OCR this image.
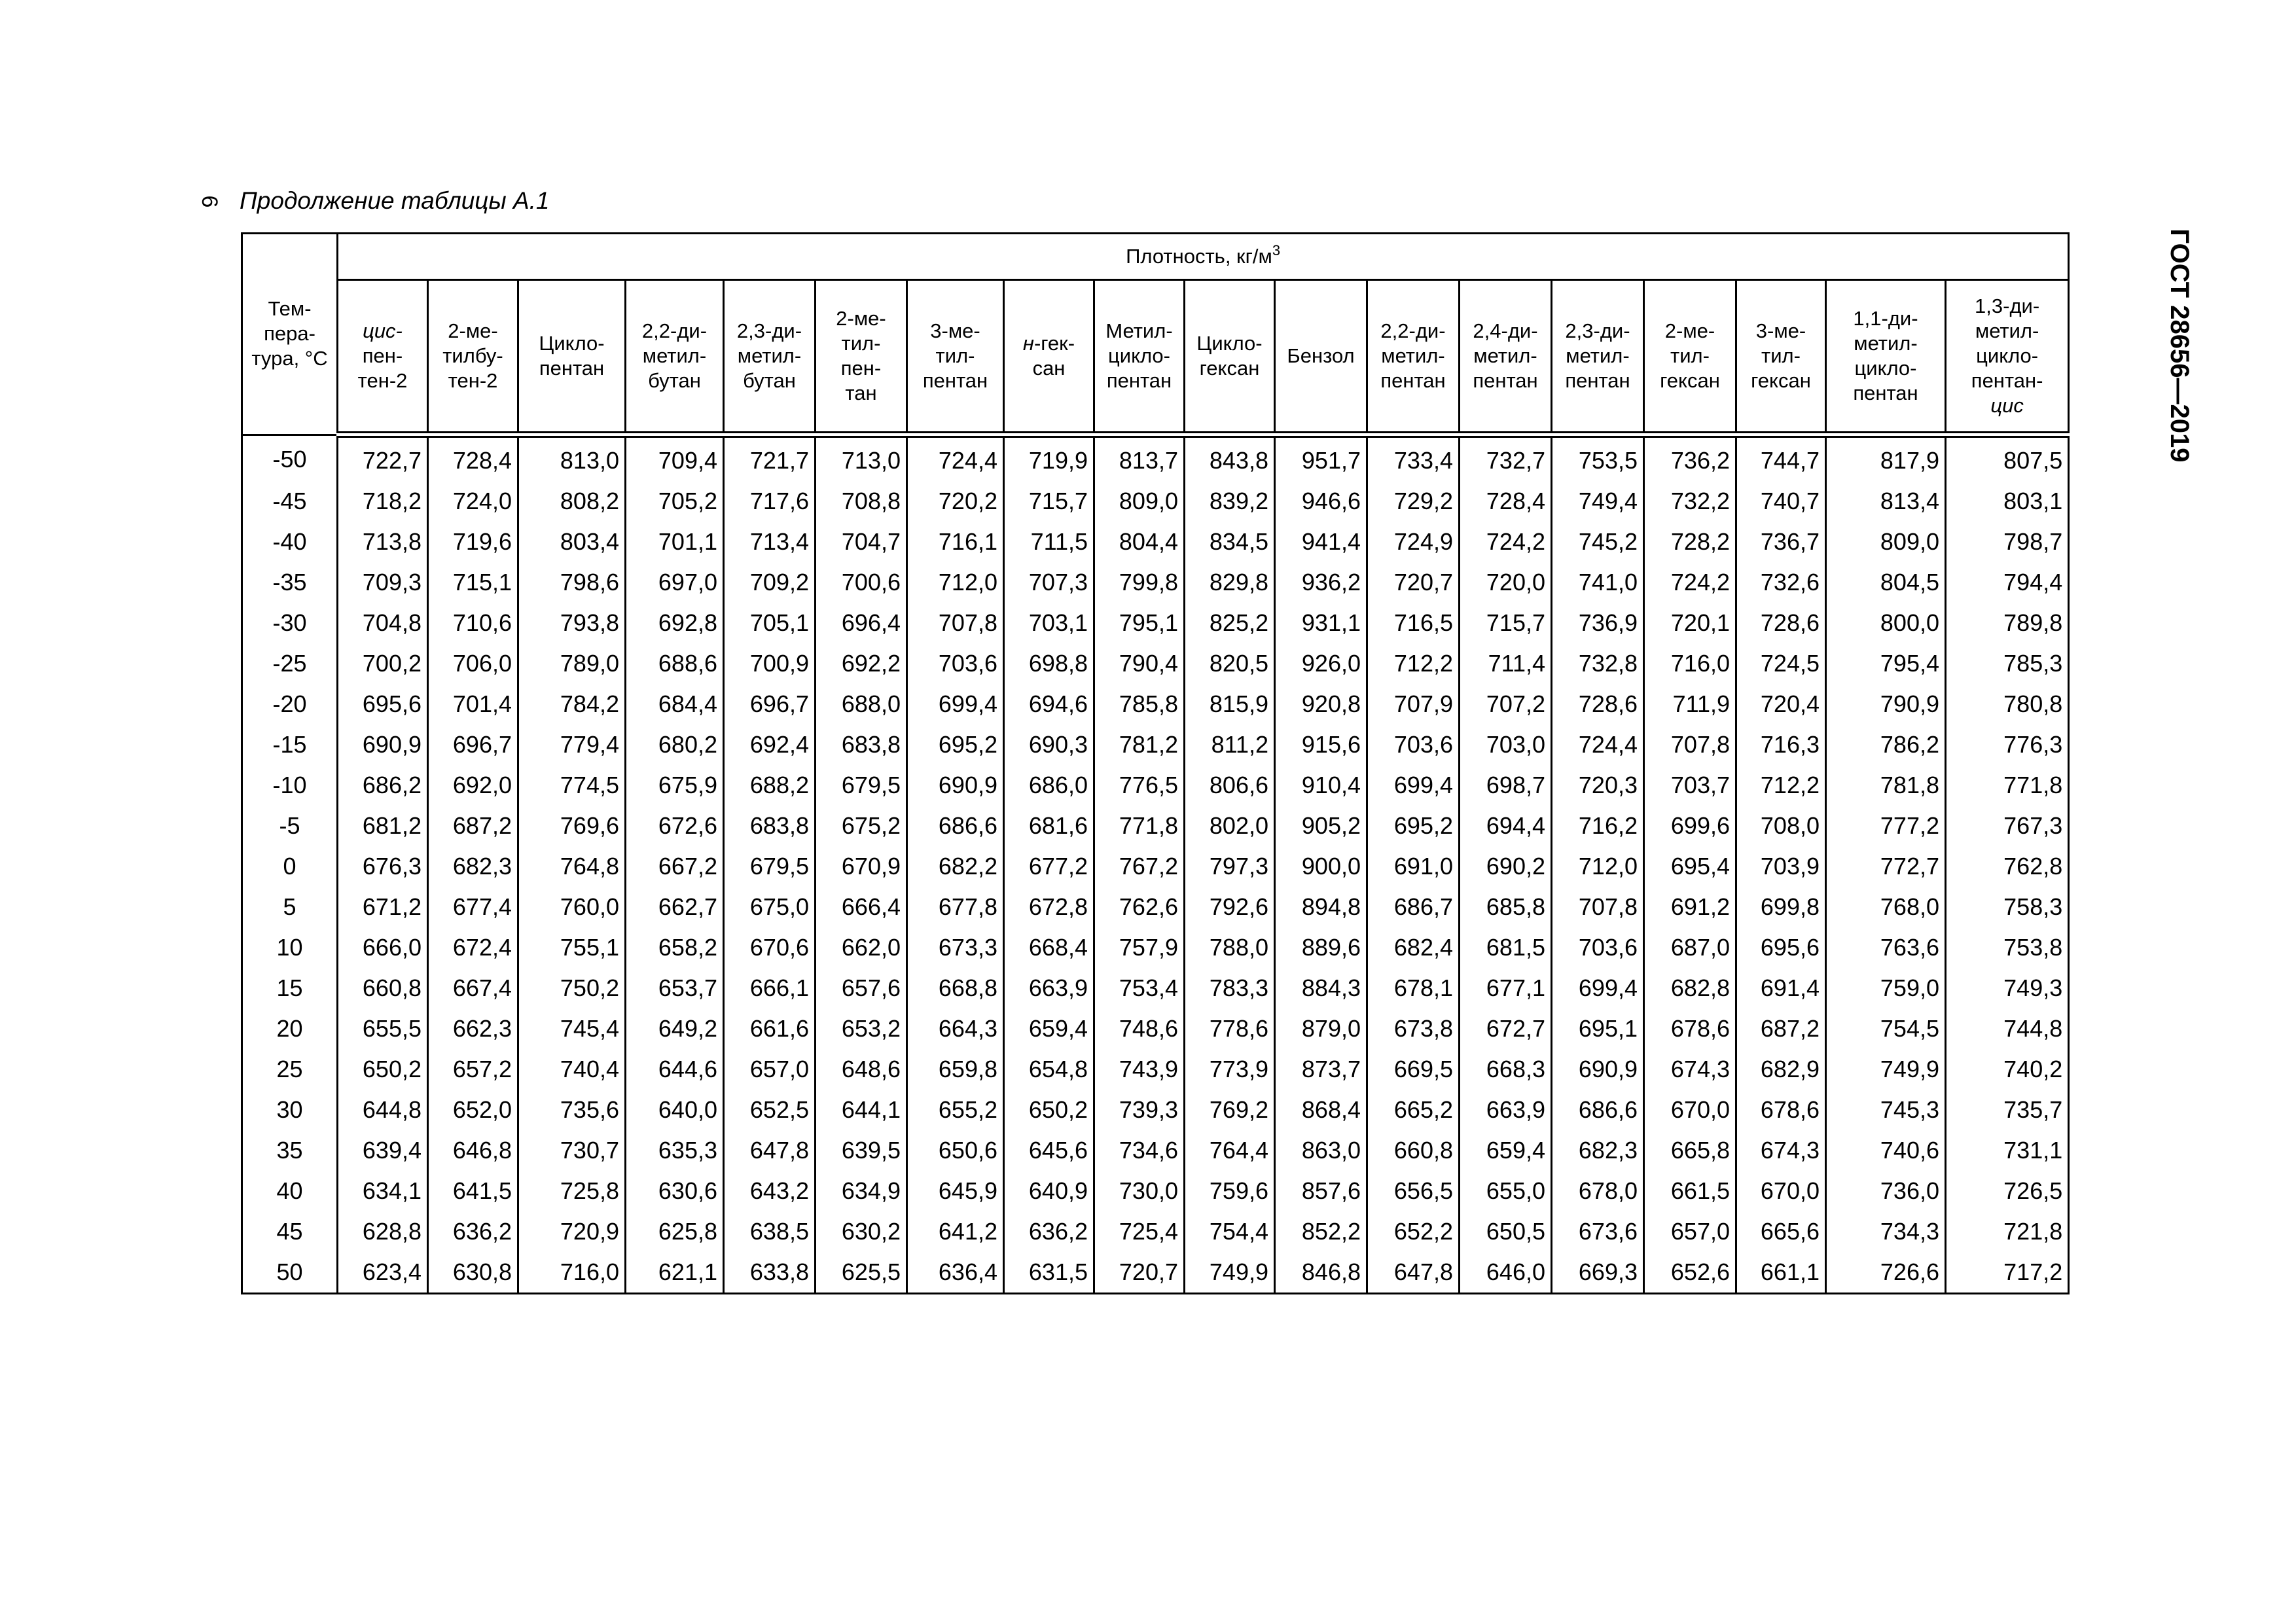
6 Продолжение таблицы А.1
ГОСТ 28656—2019
Тем-
пера-
тура, °C	Плотность, $кг/м^3$

	цис-
пен-
тен-2	2-ме-
тилбу-
тен-2	Цикло-
пентан	2,2-ди-
метил-
бутан	2,3-ди-
метил-
бутан	2-ме-
тил-
пен-
тан	3-ме-
тил-
пентан	н-гек-
сан	Метил-
цикло-
пентан	Цикло-
гексан	Бензол	2,2-ди-
метил-
пентан	2,4-ди-
метил-
пентан	2,3-ди-
метил-
пентан	2-ме-
тил-
гексан	3-ме-
тил-
гексан	1,1-ди-
метил-
цикло-
пентан	1,3-ди-
метил-
цикло-
пентан-
цис

-50	722,7	728,4	813,0	709,4	721,7	713,0	724,4	719,9	813,7	843,8	951,7	733,4	732,7	753,5	736,2	744,7	817,9	807,5
-45	718,2	724,0	808,2	705,2	717,6	708,8	720,2	715,7	809,0	839,2	946,6	729,2	728,4	749,4	732,2	740,7	813,4	803,1
-40	713,8	719,6	803,4	701,1	713,4	704,7	716,1	711,5	804,4	834,5	941,4	724,9	724,2	745,2	728,2	736,7	809,0	798,7
-35	709,3	715,1	798,6	697,0	709,2	700,6	712,0	707,3	799,8	829,8	936,2	720,7	720,0	741,0	724,2	732,6	804,5	794,4
-30	704,8	710,6	793,8	692,8	705,1	696,4	707,8	703,1	795,1	825,2	931,1	716,5	715,7	736,9	720,1	728,6	800,0	789,8
-25	700,2	706,0	789,0	688,6	700,9	692,2	703,6	698,8	790,4	820,5	926,0	712,2	711,4	732,8	716,0	724,5	795,4	785,3
-20	695,6	701,4	784,2	684,4	696,7	688,0	699,4	694,6	785,8	815,9	920,8	707,9	707,2	728,6	711,9	720,4	790,9	780,8
-15	690,9	696,7	779,4	680,2	692,4	683,8	695,2	690,3	781,2	811,2	915,6	703,6	703,0	724,4	707,8	716,3	786,2	776,3
-10	686,2	692,0	774,5	675,9	688,2	679,5	690,9	686,0	776,5	806,6	910,4	699,4	698,7	720,3	703,7	712,2	781,8	771,8
-5	681,2	687,2	769,6	672,6	683,8	675,2	686,6	681,6	771,8	802,0	905,2	695,2	694,4	716,2	699,6	708,0	777,2	767,3
0	676,3	682,3	764,8	667,2	679,5	670,9	682,2	677,2	767,2	797,3	900,0	691,0	690,2	712,0	695,4	703,9	772,7	762,8
5	671,2	677,4	760,0	662,7	675,0	666,4	677,8	672,8	762,6	792,6	894,8	686,7	685,8	707,8	691,2	699,8	768,0	758,3
10	666,0	672,4	755,1	658,2	670,6	662,0	673,3	668,4	757,9	788,0	889,6	682,4	681,5	703,6	687,0	695,6	763,6	753,8
15	660,8	667,4	750,2	653,7	666,1	657,6	668,8	663,9	753,4	783,3	884,3	678,1	677,1	699,4	682,8	691,4	759,0	749,3
20	655,5	662,3	745,4	649,2	661,6	653,2	664,3	659,4	748,6	778,6	879,0	673,8	672,7	695,1	678,6	687,2	754,5	744,8
25	650,2	657,2	740,4	644,6	657,0	648,6	659,8	654,8	743,9	773,9	873,7	669,5	668,3	690,9	674,3	682,9	749,9	740,2
30	644,8	652,0	735,6	640,0	652,5	644,1	655,2	650,2	739,3	769,2	868,4	665,2	663,9	686,6	670,0	678,6	745,3	735,7
35	639,4	646,8	730,7	635,3	647,8	639,5	650,6	645,6	734,6	764,4	863,0	660,8	659,4	682,3	665,8	674,3	740,6	731,1
40	634,1	641,5	725,8	630,6	643,2	634,9	645,9	640,9	730,0	759,6	857,6	656,5	655,0	678,0	661,5	670,0	736,0	726,5
45	628,8	636,2	720,9	625,8	638,5	630,2	641,2	636,2	725,4	754,4	852,2	652,2	650,5	673,6	657,0	665,6	734,3	721,8
50	623,4	630,8	716,0	621,1	633,8	625,5	636,4	631,5	720,7	749,9	846,8	647,8	646,0	669,3	652,6	661,1	726,6	717,2
